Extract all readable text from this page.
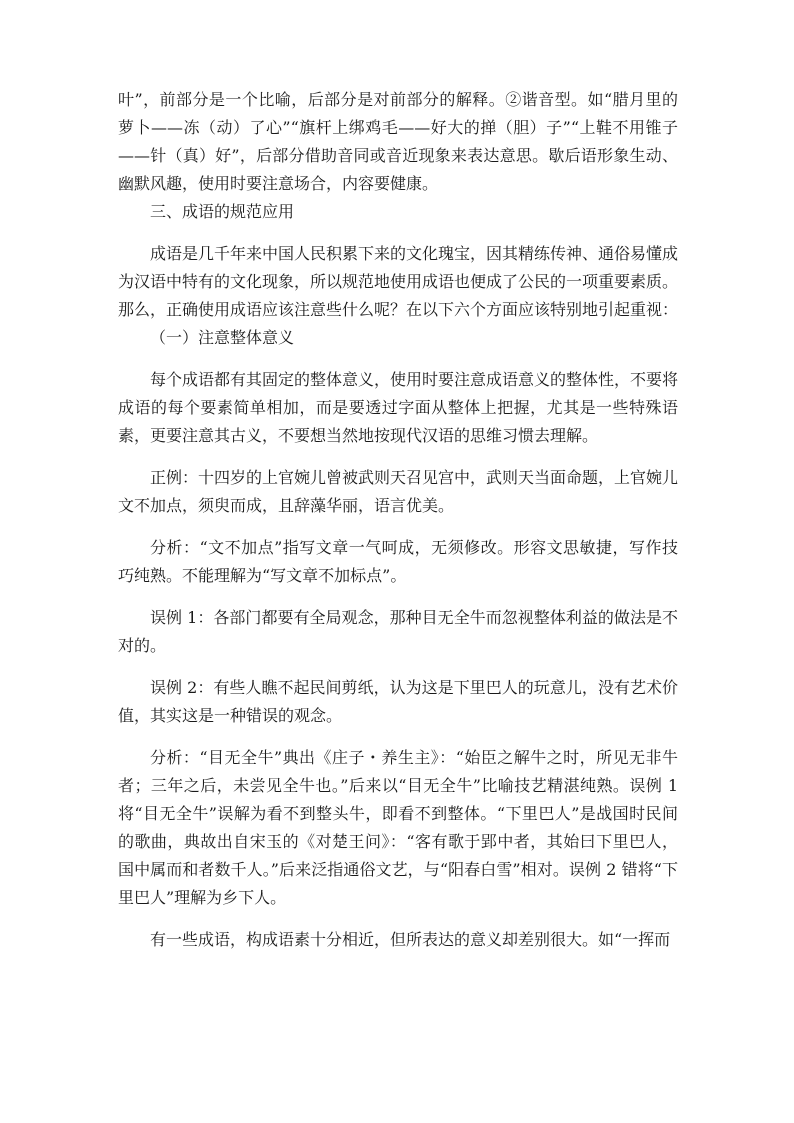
叶”，前部分是一个比喻，后部分是对前部分的解释。②谐音型。如“腊月里的萝卜——冻（动）了心”“旗杆上绑鸡毛——好大的掸（胆）子”“上鞋不用锥子——针（真）好”，后部分借助音同或音近现象来表达意思。歇后语形象生动、幽默风趣，使用时要注意场合，内容要健康。

三、成语的规范应用

成语是几千年来中国人民积累下来的文化瑰宝，因其精练传神、通俗易懂成为汉语中特有的文化现象，所以规范地使用成语也便成了公民的一项重要素质。那么，正确使用成语应该注意些什么呢？在以下六个方面应该特别地引起重视：

（一）注意整体意义

每个成语都有其固定的整体意义，使用时要注意成语意义的整体性，不要将成语的每个要素简单相加，而是要透过字面从整体上把握，尤其是一些特殊语素，更要注意其古义，不要想当然地按现代汉语的思维习惯去理解。

正例：十四岁的上官婉儿曾被武则天召见宫中，武则天当面命题，上官婉儿文不加点，须臾而成，且辞藻华丽，语言优美。

分析：“文不加点”指写文章一气呵成，无须修改。形容文思敏捷，写作技巧纯熟。不能理解为“写文章不加标点”。

误例 1：各部门都要有全局观念，那种目无全牛而忽视整体利益的做法是不对的。

误例 2：有些人瞧不起民间剪纸，认为这是下里巴人的玩意儿，没有艺术价值，其实这是一种错误的观念。

分析：“目无全牛”典出《庄子・养生主》：“始臣之解牛之时，所见无非牛者；三年之后，未尝见全牛也。”后来以“目无全牛”比喻技艺精湛纯熟。误例 1 将“目无全牛”误解为看不到整头牛，即看不到整体。“下里巴人”是战国时民间的歌曲，典故出自宋玉的《对楚王问》：“客有歌于郢中者，其始曰下里巴人，国中属而和者数千人。”后来泛指通俗文艺，与“阳春白雪”相对。误例 2 错将“下里巴人”理解为乡下人。

有一些成语，构成语素十分相近，但所表达的意义却差别很大。如“一挥而
